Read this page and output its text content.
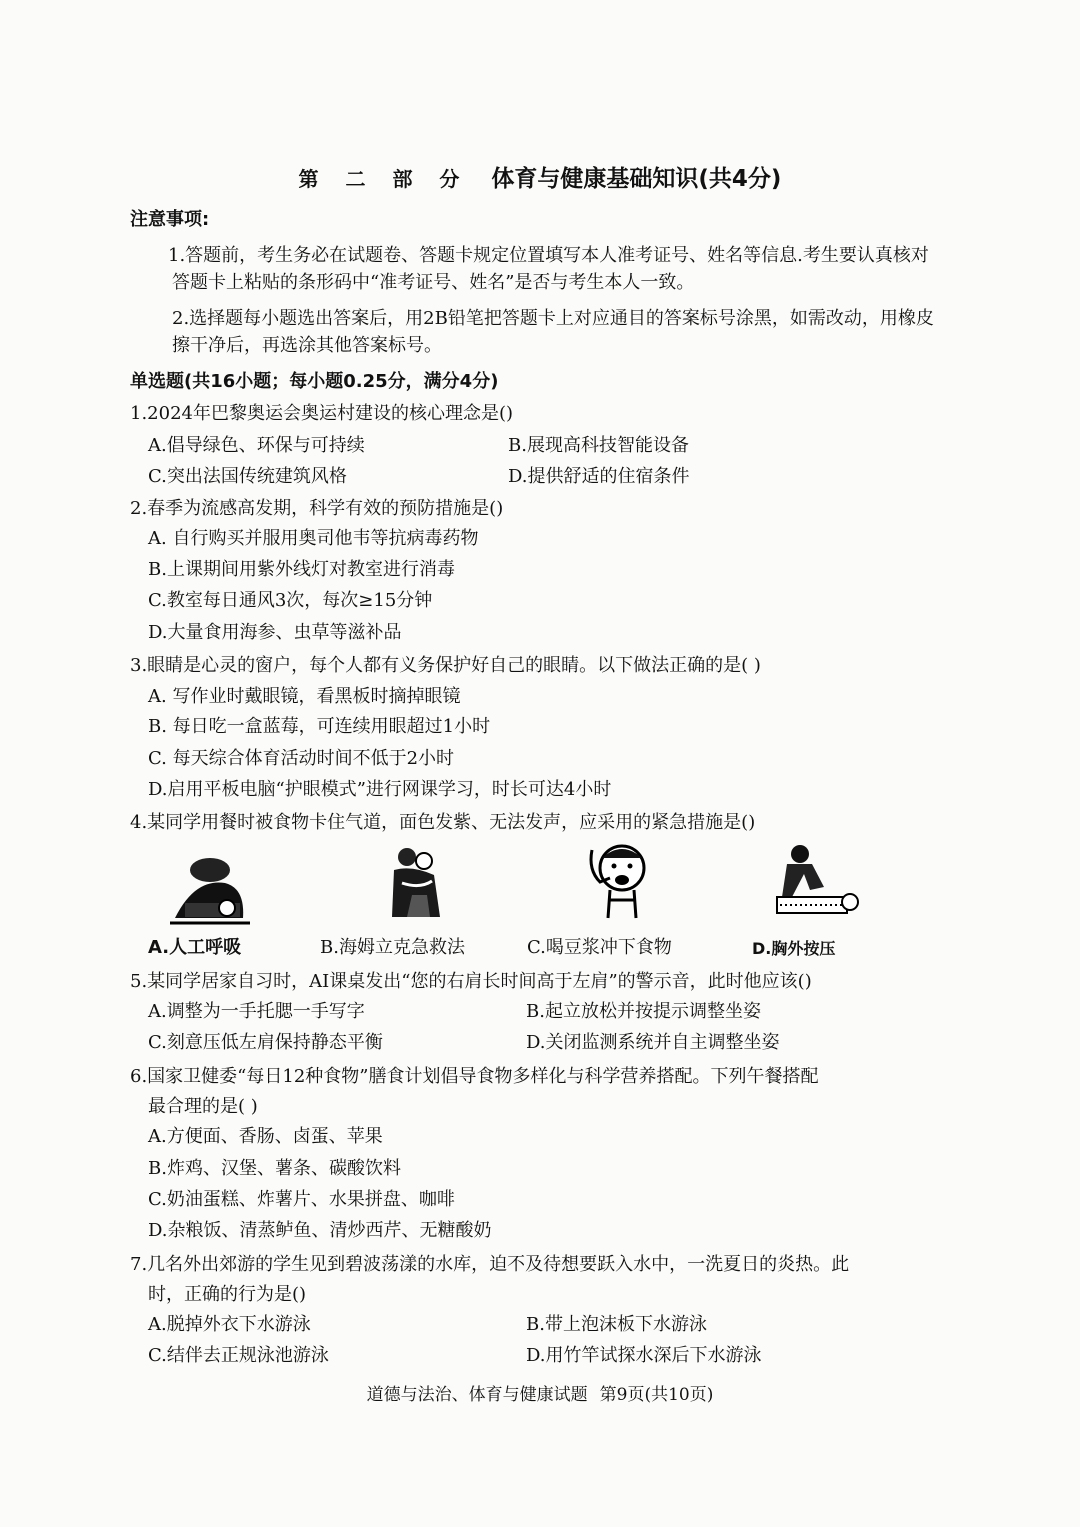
第 二 部 分 体育与健康基础知识(共4分)
注意事项:
1.答题前，考生务必在试题卷、答题卡规定位置填写本人准考证号、姓名等信息.考生要认真核对答题卡上粘贴的条形码中“准考证号、姓名”是否与考生本人一致。
2.选择题每小题选出答案后，用2B铅笔把答题卡上对应通目的答案标号涂黑，如需改动，用橡皮擦干净后，再选涂其他答案标号。
单选题(共16小题；每小题0.25分，满分4分)
1.2024年巴黎奥运会奥运村建设的核心理念是()
A.倡导绿色、环保与可持续	B.展现高科技智能设备
C.突出法国传统建筑风格	D.提供舒适的住宿条件
2.春季为流感高发期，科学有效的预防措施是()
A. 自行购买并服用奥司他韦等抗病毒药物
B.上课期间用紫外线灯对教室进行消毒
C.教室每日通风3次，每次≥15分钟
D.大量食用海参、虫草等滋补品
3.眼睛是心灵的窗户，每个人都有义务保护好自己的眼睛。以下做法正确的是( )
A. 写作业时戴眼镜，看黑板时摘掉眼镜
B. 每日吃一盒蓝莓，可连续用眼超过1小时
C. 每天综合体育活动时间不低于2小时
D.启用平板电脑“护眼模式”进行网课学习，时长可达4小时
4.某同学用餐时被食物卡住气道，面色发紫、无法发声，应采用的紧急措施是()
A.人工呼吸	B.海姆立克急救法	C.喝豆浆冲下食物	D.胸外按压
5.某同学居家自习时，AI课桌发出“您的右肩长时间高于左肩”的警示音，此时他应该()
A.调整为一手托腮一手写字	B.起立放松并按提示调整坐姿
C.刻意压低左肩保持静态平衡	D.关闭监测系统并自主调整坐姿
6.国家卫健委“每日12种食物”膳食计划倡导食物多样化与科学营养搭配。下列午餐搭配
最合理的是( )
A.方便面、香肠、卤蛋、苹果
B.炸鸡、汉堡、薯条、碳酸饮料
C.奶油蛋糕、炸薯片、水果拼盘、咖啡
D.杂粮饭、清蒸鲈鱼、清炒西芹、无糖酸奶
7.几名外出郊游的学生见到碧波荡漾的水库，迫不及待想要跃入水中，一洗夏日的炎热。此
时，正确的行为是()
A.脱掉外衣下水游泳	B.带上泡沫板下水游泳
C.结伴去正规泳池游泳	D.用竹竿试探水深后下水游泳
道德与法治、体育与健康试题 第9页(共10页)
